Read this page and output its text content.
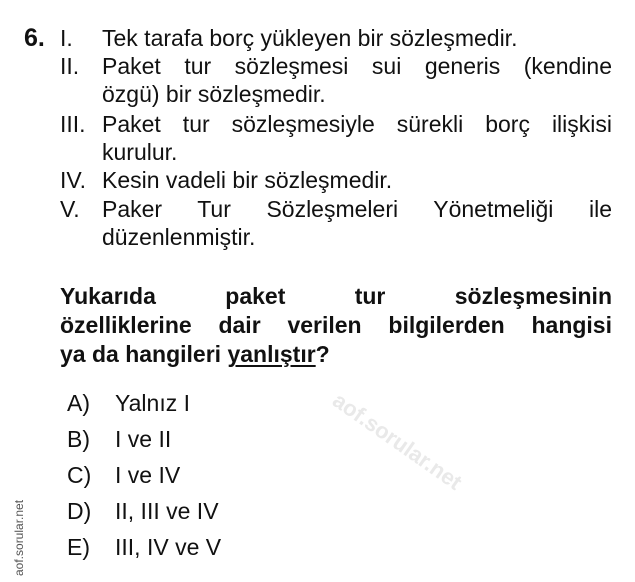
6. I. Tek tarafa borç yükleyen bir sözleşmedir.
II. Paket tur sözleşmesi sui generis (kendine
özgü) bir sözleşmedir.
III. Paket tur sözleşmesiyle sürekli borç ilişkisi
kurulur.
IV. Kesin vadeli bir sözleşmedir.
V. Paker Tur Sözleşmeleri Yönetmeliği ile
düzenlenmiştir.
Yukarıda paket tur sözleşmesinin
özelliklerine dair verilen bilgilerden hangisi
ya da hangileri yanlıştır?
A) Yalnız I
B) I ve II
C) I ve IV
D) II, III ve IV
E) III, IV ve V
aof.sorular.net
aof.sorular.net
